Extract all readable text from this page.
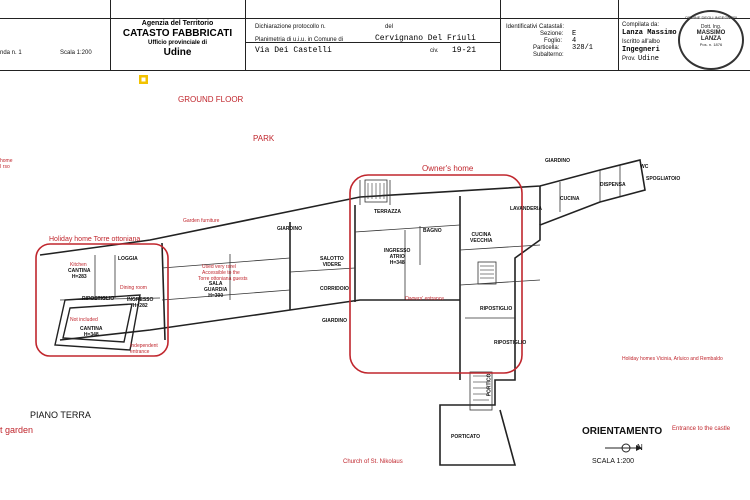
nda n. 1	Scala 1:200
Agenzia del Territorio
CATASTO FABBRICATI
Ufficio provinciale di
Udine
Dichiarazione protocollo n.	del
Planimetria di u.i.u. in Comune di	Cervignano Del Friuli
Via Dei Castelli	civ. 19-21
Identificativi Catastali:
Sezione: E
Foglio: 4
Particella: 328/1
Subalterno:
Compilata da:
Lanza Massimo
Iscritto all'albo
Ingegneri
Prov. Udine
ORDINE DEGLI INGEGNERI
Dott. Ing.
MASSIMO
LANZA
Pos. n. 1876
GROUND FLOOR
PARK
Owner's home
Holiday home Torre ottoniana
Garden furniture
Used very rarel
Accessible to the
Torre ottoniana guests
Owners' entrance
Independent
entrance
Dining room
Not included
Holiday homes Vicinia, Arluico and Rembaldo
Entrance to the castle
Church of St. Nikolaus
home
I rso
t garden
PIANO TERRA
ORIENTAMENTO
N
SCALA 1:200
GIARDINO
GIARDINO
GIARDINO
TERRAZZA
BAGNO
INGRESSO
ATRIO
H=348
CUCINA
VECCHIA
LAVANDERIA
CUCINA
DISPENSA
WC
SPOGLIATOIO
SALOTTO
VIDERE
CORRIDOIO
SALA
GUARDIA
H=300
RIPOSTIGLIO
RIPOSTIGLIO
RIPOSTIGLIO
PORTICO
PORTICATO
CANTINA
H=283
CANTINA
H=348
INGRESSO
H=282
LOGGIA
Kitchen
